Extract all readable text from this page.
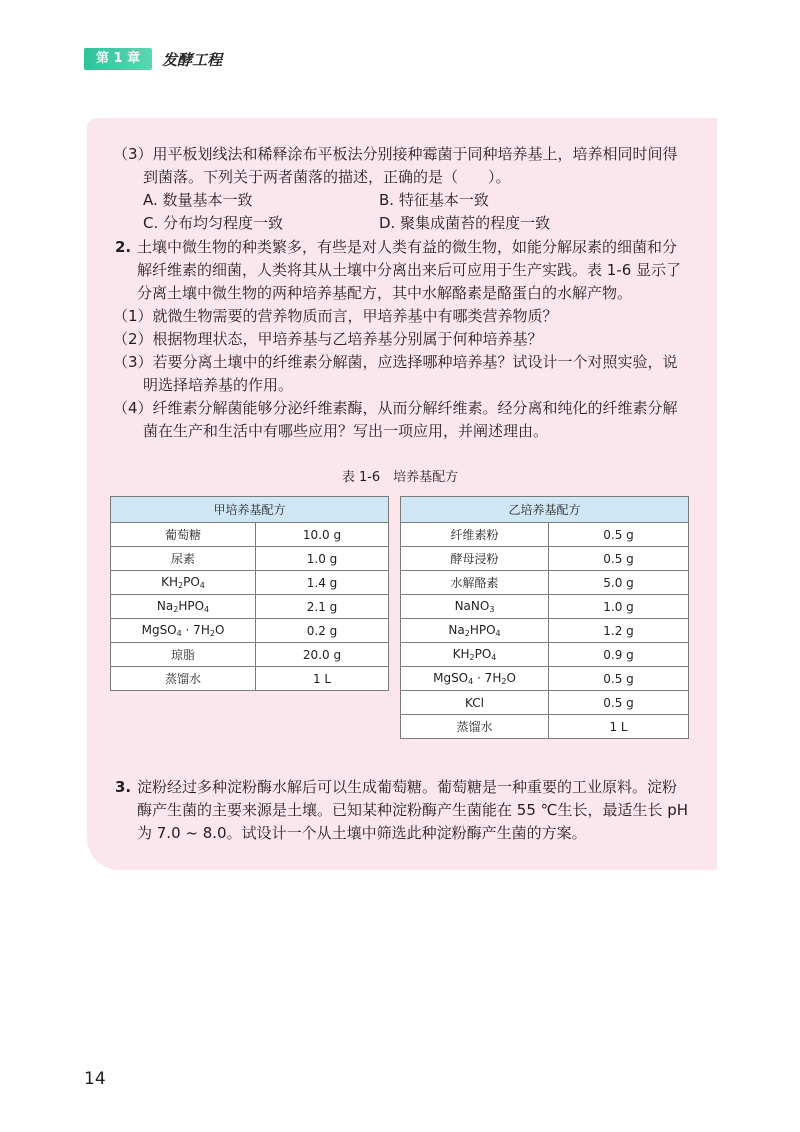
第 1 章	发酵工程
（3）用平板划线法和稀释涂布平板法分别接种霉菌于同种培养基上，培养相同时间得
到菌落。下列关于两者菌落的描述，正确的是（　　）。
A. 数量基本一致	B. 特征基本一致
C. 分布均匀程度一致	D. 聚集成菌苔的程度一致
2. 土壤中微生物的种类繁多，有些是对人类有益的微生物，如能分解尿素的细菌和分
解纤维素的细菌，人类将其从土壤中分离出来后可应用于生产实践。表 1-6 显示了
分离土壤中微生物的两种培养基配方，其中水解酪素是酪蛋白的水解产物。
（1）就微生物需要的营养物质而言，甲培养基中有哪类营养物质？
（2）根据物理状态，甲培养基与乙培养基分别属于何种培养基？
（3）若要分离土壤中的纤维素分解菌，应选择哪种培养基？试设计一个对照实验，说
明选择培养基的作用。
（4）纤维素分解菌能够分泌纤维素酶，从而分解纤维素。经分离和纯化的纤维素分解
菌在生产和生活中有哪些应用？写出一项应用，并阐述理由。
表 1-6　培养基配方
甲培养基配方	
葡萄糖	10.0 g
尿素	1.0 g
$KH_2PO_4$	1.4 g
$Na_2HPO_4$	2.1 g
MgSO$_4$ · $7H_2O$	0.2 g
琼脂	20.0 g
蒸馏水	1 L
乙培养基配方	
纤维素粉	0.5 g
酵母浸粉	0.5 g
水解酪素	5.0 g
NaNO$_3$	1.0 g
$Na_2HPO_4$	1.2 g
$KH_2PO_4$	0.9 g
MgSO$_4$ · $7H_2O$	0.5 g
KCl	0.5 g
蒸馏水	1 L
3. 淀粉经过多种淀粉酶水解后可以生成葡萄糖。葡萄糖是一种重要的工业原料。淀粉
酶产生菌的主要来源是土壤。已知某种淀粉酶产生菌能在 55 ℃生长，最适生长 pH
为 7.0 ~ 8.0。试设计一个从土壤中筛选此种淀粉酶产生菌的方案。
14
